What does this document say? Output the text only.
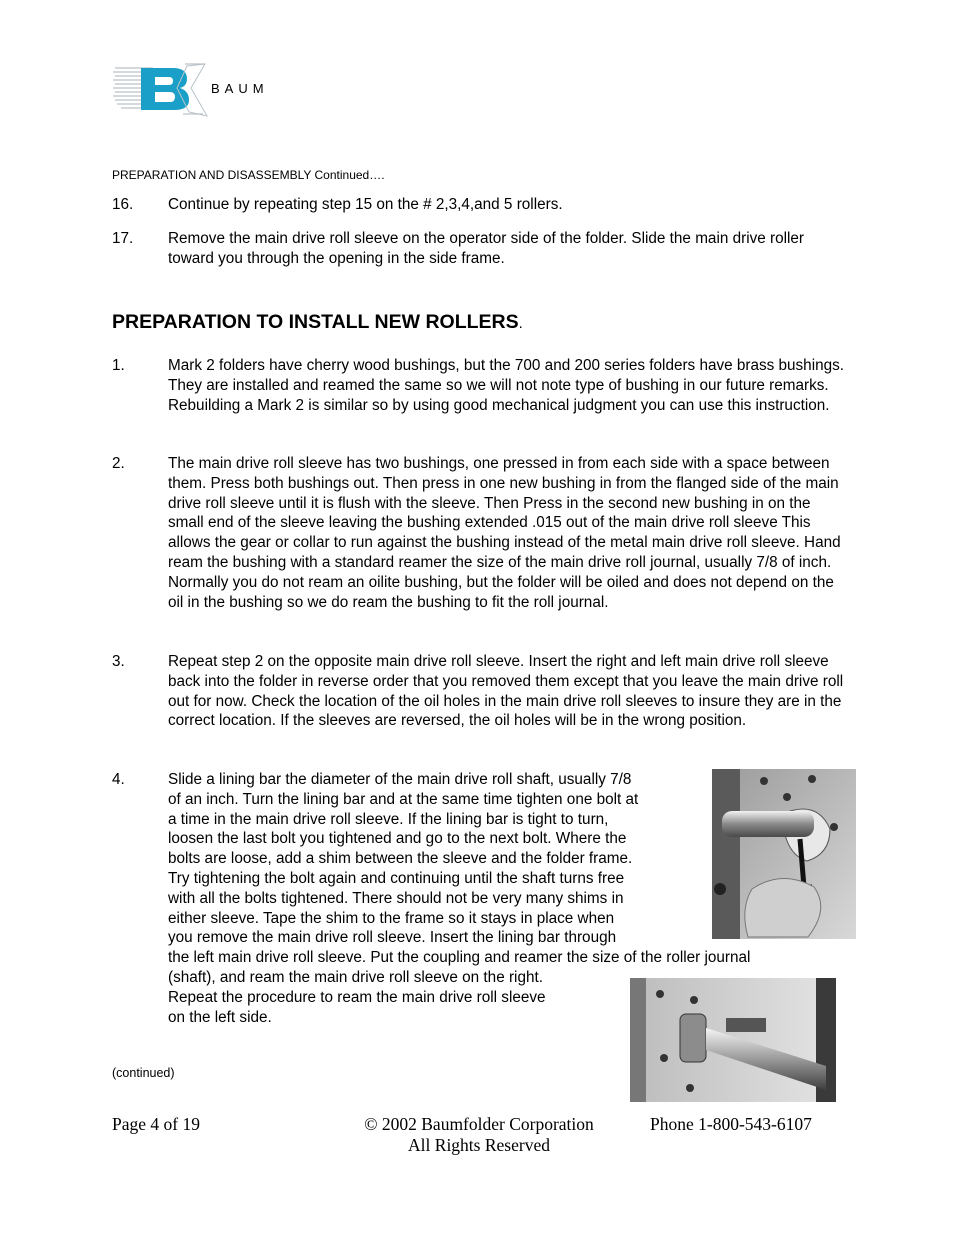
BAUM
PREPARATION AND DISASSEMBLY Continued….
16.	Continue by repeating step 15 on the # 2,3,4,and 5 rollers.
17.	Remove the main drive roll sleeve on the operator side of the folder. Slide the main drive roller toward you through the opening in the side frame.
PREPARATION TO INSTALL NEW ROLLERS.
1.	Mark 2 folders have cherry wood bushings, but the 700 and 200 series folders have brass bushings. They are installed and reamed the same so we will not note type of bushing in our future remarks. Rebuilding a Mark 2 is similar so by using good mechanical judgment you can use this instruction.
2.	The main drive roll sleeve has two bushings, one pressed in from each side with a space between them. Press both bushings out. Then press in one new bushing in from the flanged side of the main drive roll sleeve until it is flush with the sleeve. Then Press in the second new bushing in on the small end of the sleeve leaving the bushing extended .015 out of the main drive roll sleeve This allows the gear or collar to run against the bushing instead of the metal main drive roll sleeve. Hand ream the bushing with a standard reamer the size of the main drive roll journal, usually 7/8 of inch. Normally you do not ream an oilite bushing, but the folder will be oiled and does not depend on the oil in the bushing so we do ream the bushing to fit the roll journal.
3.	Repeat step 2 on the opposite main drive roll sleeve. Insert the right and left main drive roll sleeve back into the folder in reverse order that you removed them except that you leave the main drive roll out for now. Check the location of the oil holes in the main drive roll sleeves to insure they are in the correct location. If the sleeves are reversed, the oil holes will be in the wrong position.
4.	Slide a lining bar the diameter of the main drive roll shaft, usually 7/8
of an inch. Turn the lining bar and at the same time tighten one bolt at
a time in the main drive roll sleeve. If the lining bar is tight to turn,
loosen the last bolt you tightened and go to the next bolt. Where the
bolts are loose, add a shim between the sleeve and the folder frame.
Try tightening the bolt again and continuing until the shaft turns free
with all the bolts tightened. There should not be very many shims in
either sleeve. Tape the shim to the frame so it stays in place when
you remove the main drive roll sleeve. Insert the lining bar through
the left main drive roll sleeve. Put the coupling and reamer the size of the roller journal
(shaft), and ream the main drive roll sleeve on the right.
Repeat the procedure to ream the main drive roll sleeve
on the left side.
(continued)
Page 4 of 19	© 2002 Baumfolder Corporation
All Rights Reserved
Phone 1-800-543-6107
